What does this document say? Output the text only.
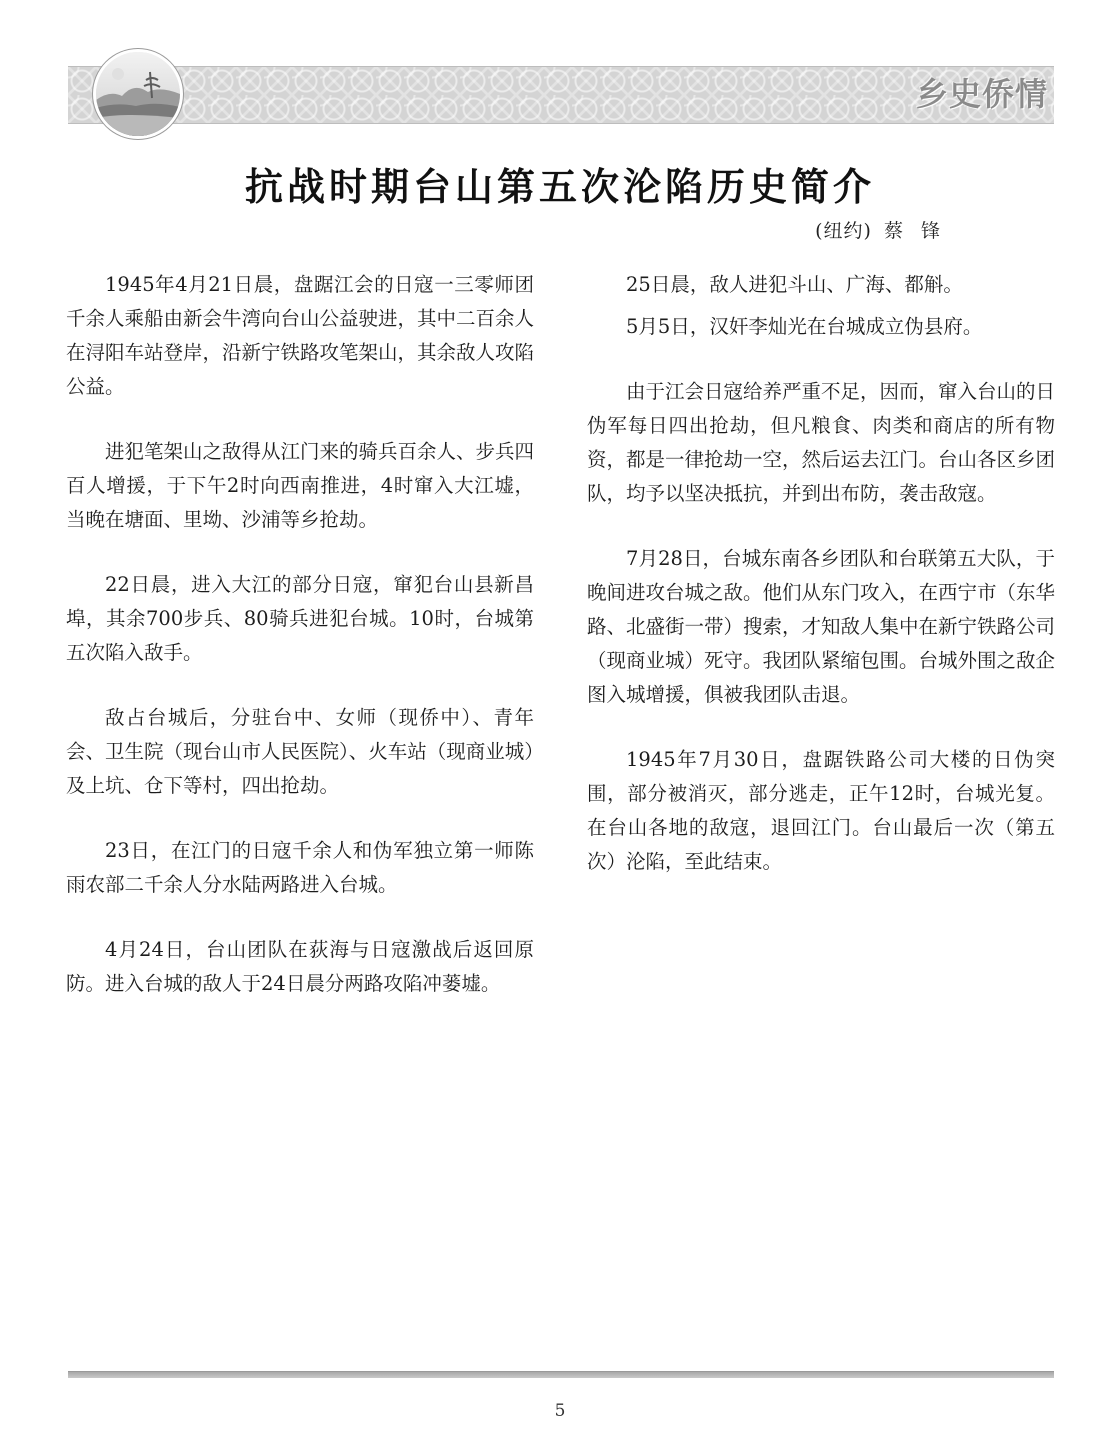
乡史侨情
抗战时期台山第五次沦陷历史简介
(纽约) 蔡 锋

1945年4月21日晨，盘踞江会的日寇一三零师团千余人乘船由新会牛湾向台山公益驶进，其中二百余人在浔阳车站登岸，沿新宁铁路攻笔架山，其余敌人攻陷公益。

进犯笔架山之敌得从江门来的骑兵百余人、步兵四百人增援，于下午2时向西南推进，4时窜入大江墟，当晚在塘面、里坳、沙浦等乡抢劫。

22日晨，进入大江的部分日寇，窜犯台山县新昌埠，其余700步兵、80骑兵进犯台城。10时，台城第五次陷入敌手。

敌占台城后，分驻台中、女师（现侨中）、青年会、卫生院（现台山市人民医院）、火车站（现商业城）及上坑、仓下等村，四出抢劫。

23日，在江门的日寇千余人和伪军独立第一师陈雨农部二千余人分水陆两路进入台城。

4月24日，台山团队在荻海与日寇激战后返回原防。进入台城的敌人于24日晨分两路攻陷冲蒌墟。

25日晨，敌人进犯斗山、广海、都斛。

5月5日，汉奸李灿光在台城成立伪县府。

由于江会日寇给养严重不足，因而，窜入台山的日伪军每日四出抢劫，但凡粮食、肉类和商店的所有物资，都是一律抢劫一空，然后运去江门。台山各区乡团队，均予以坚决抵抗，并到出布防，袭击敌寇。

7月28日，台城东南各乡团队和台联第五大队，于晚间进攻台城之敌。他们从东门攻入，在西宁市（东华路、北盛街一带）搜索，才知敌人集中在新宁铁路公司（现商业城）死守。我团队紧缩包围。台城外围之敌企图入城增援，俱被我团队击退。

1945年7月30日，盘踞铁路公司大楼的日伪突围，部分被消灭，部分逃走，正午12时，台城光复。在台山各地的敌寇，退回江门。台山最后一次（第五次）沦陷，至此结束。

5
